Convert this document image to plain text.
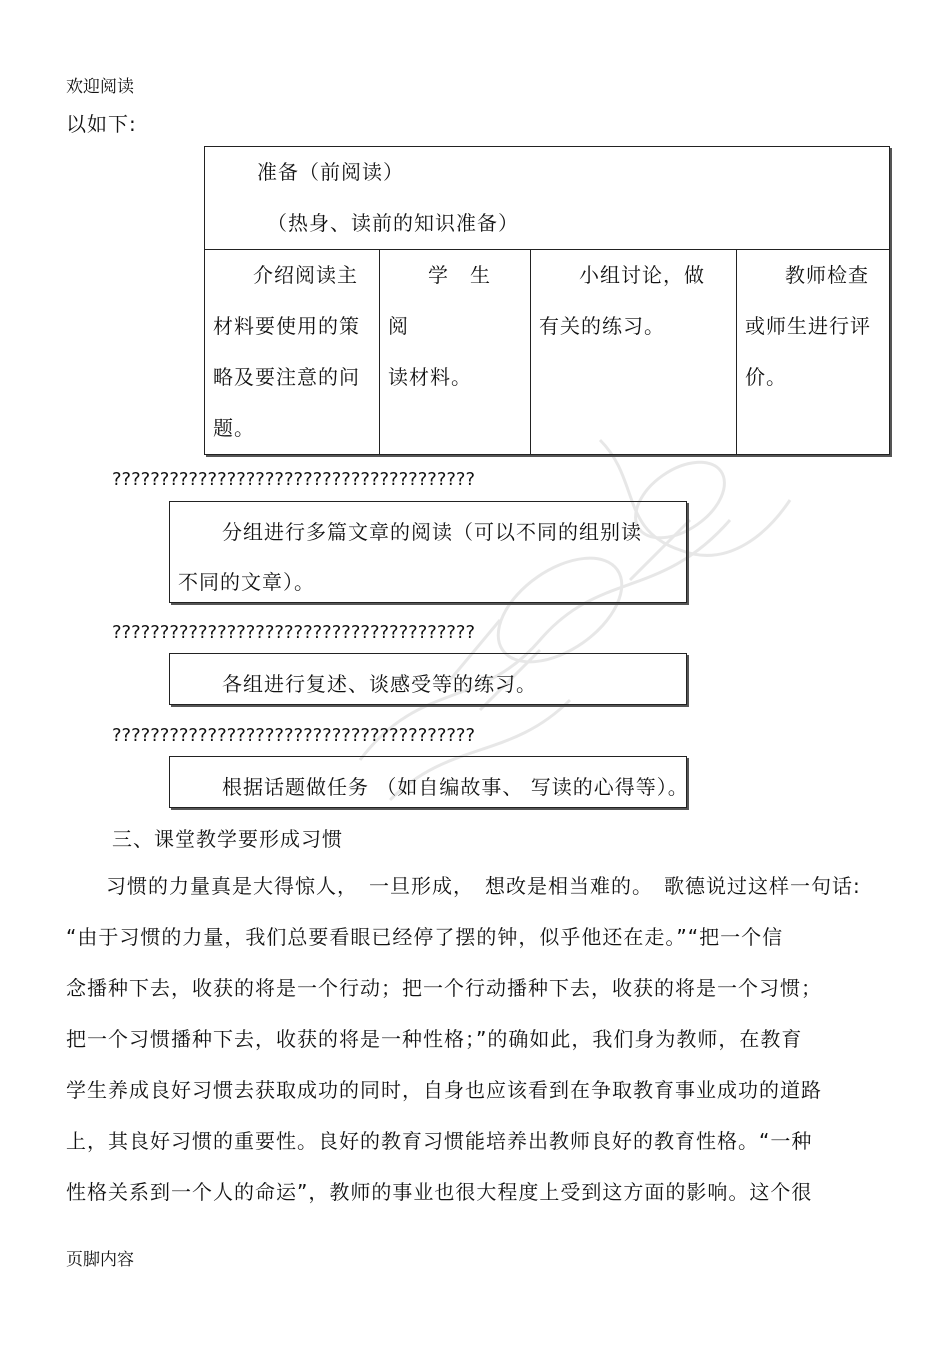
欢迎阅读
以如下:
准备（前阅读）
（热身、读前的知识准备）

介绍阅读主
材料要使用的策
略及要注意的问
题。

学　生　阅
读材料。

小组讨论，做
有关的练习。

教师检查
或师生进行评
价。
??????????????????????????????????????
分组进行多篇文章的阅读（可以不同的组别读
不同的文章）。
??????????????????????????????????????
各组进行复述、谈感受等的练习。
??????????????????????????????????????
根据话题做任务 （如自编故事、 写读的心得等）。
三、课堂教学要形成习惯
习惯的力量真是大得惊人，　一旦形成，　想改是相当难的。　歌德说过这样一句话:
“由于习惯的力量，我们总要看眼已经停了摆的钟，似乎他还在走。”“把一个信
念播种下去，收获的将是一个行动；把一个行动播种下去，收获的将是一个习惯；
把一个习惯播种下去，收获的将是一种性格；”的确如此，我们身为教师，在教育
学生养成良好习惯去获取成功的同时，自身也应该看到在争取教育事业成功的道路
上，其良好习惯的重要性。良好的教育习惯能培养出教师良好的教育性格。“一种
性格关系到一个人的命运”，教师的事业也很大程度上受到这方面的影响。这个很
页脚内容
